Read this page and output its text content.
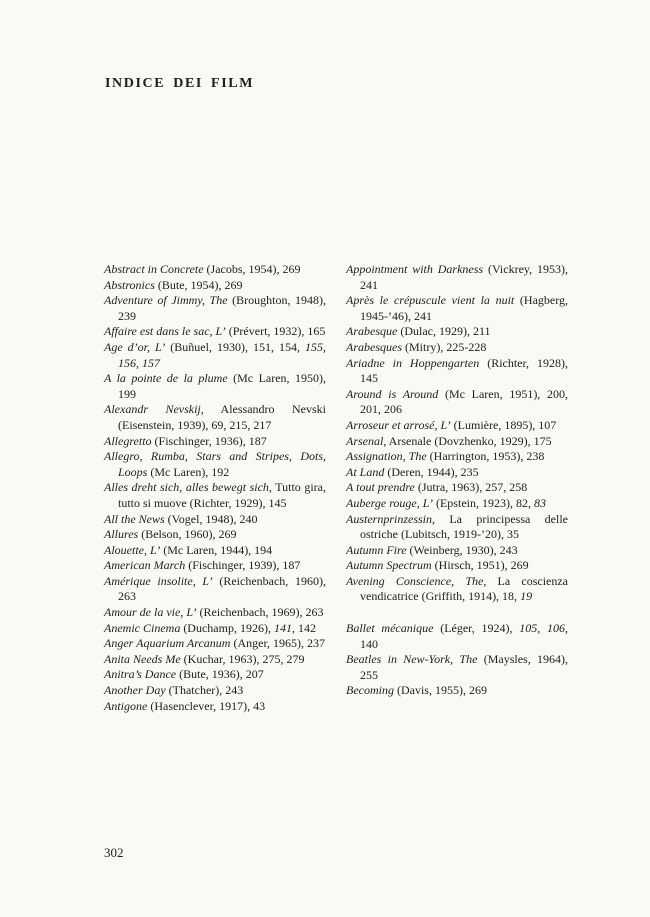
INDICE DEI FILM

Abstract in Concrete (Jacobs, 1954), 269

Abstronics (Bute, 1954), 269

Adventure of Jimmy, The (Broughton, 1948), 239

Affaire est dans le sac, L’ (Prévert, 1932), 165

Age d’or, L’ (Buñuel, 1930), 151, 154, 155, 156, 157

A la pointe de la plume (Mc Laren, 1950), 199

Alexandr Nevskij, Alessandro Nevski (Eisenstein, 1939), 69, 215, 217

Allegretto (Fischinger, 1936), 187

Allegro, Rumba, Stars and Stripes, Dots, Loops (Mc Laren), 192

Alles dreht sich, alles bewegt sich, Tutto gira, tutto si muove (Richter, 1929), 145

All the News (Vogel, 1948), 240

Allures (Belson, 1960), 269

Alouette, L’ (Mc Laren, 1944), 194

American March (Fischinger, 1939), 187

Amérique insolite, L’ (Reichenbach, 1960), 263

Amour de la vie, L’ (Reichenbach, 1969), 263

Anemic Cinema (Duchamp, 1926), 141, 142

Anger Aquarium Arcanum (Anger, 1965), 237

Anita Needs Me (Kuchar, 1963), 275, 279

Anitra’s Dance (Bute, 1936), 207

Another Day (Thatcher), 243

Antigone (Hasenclever, 1917), 43

Appointment with Darkness (Vickrey, 1953), 241

Après le crépuscule vient la nuit (Hagberg, 1945-’46), 241

Arabesque (Dulac, 1929), 211

Arabesques (Mitry), 225-228

Ariadne in Hoppengarten (Richter, 1928), 145

Around is Around (Mc Laren, 1951), 200, 201, 206

Arroseur et arrosé, L’ (Lumière, 1895), 107

Arsenal, Arsenale (Dovzhenko, 1929), 175

Assignation, The (Harrington, 1953), 238

At Land (Deren, 1944), 235

A tout prendre (Jutra, 1963), 257, 258

Auberge rouge, L’ (Epstein, 1923), 82, 83

Austernprinzessin, La principessa delle ostriche (Lubitsch, 1919-’20), 35

Autumn Fire (Weinberg, 1930), 243

Autumn Spectrum (Hirsch, 1951), 269

Avening Conscience, The, La coscienza vendicatrice (Griffith, 1914), 18, 19

Ballet mécanique (Léger, 1924), 105, 106, 140

Beatles in New-York, The (Maysles, 1964), 255

Becoming (Davis, 1955), 269

302
